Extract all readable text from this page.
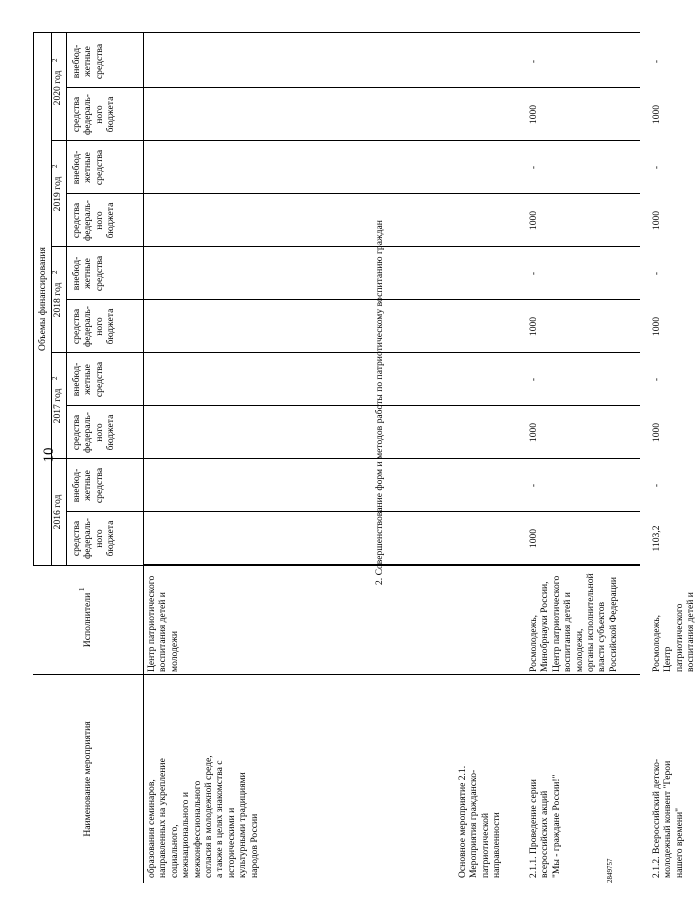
10
2849757
Наименование мероприятия
Исполнители
1
Объемы финансирования
2016 год
средства федераль- ного бюджета
внебюд- жетные средства
2017 год
2
средства федераль- ного бюджета
внебюд- жетные средства
2018 год
2
средства федераль- ного бюджета
внебюд- жетные средства
2019 год
2
средства федераль- ного бюджета
внебюд- жетные средства
2020 год
2
средства федераль- ного бюджета
внебюд- жетные средства
образования семинаров, направленных на укрепление социального, межнационального и межконфессионального согласия в молодежной среде, а также в целях знакомства с историческими и культурными традициями народов России
Центр патриотического воспитания детей и молодежи
2. Совершенствование форм и методов работы по патриотическому воспитанию граждан
Основное мероприятие 2.1. Мероприятия гражданско- патриотической направленности	2.1.1. Проведение серии всероссийских акций "Мы - граждане России!"
Росмолодежь, Минобрнауки России, Центр патриотического воспитания детей и молодежи, органы исполнительной власти субъектов Российской Федерации
1000
-
1000
-
1000
-
1000
-
1000
-
2.1.2. Всероссийский детско- молодежный конвент "Герои нашего времени"
Росмолодежь, Центр патриотического воспитания детей и
1103,2
-
1000
-
1000
-
1000
-
1000
-
